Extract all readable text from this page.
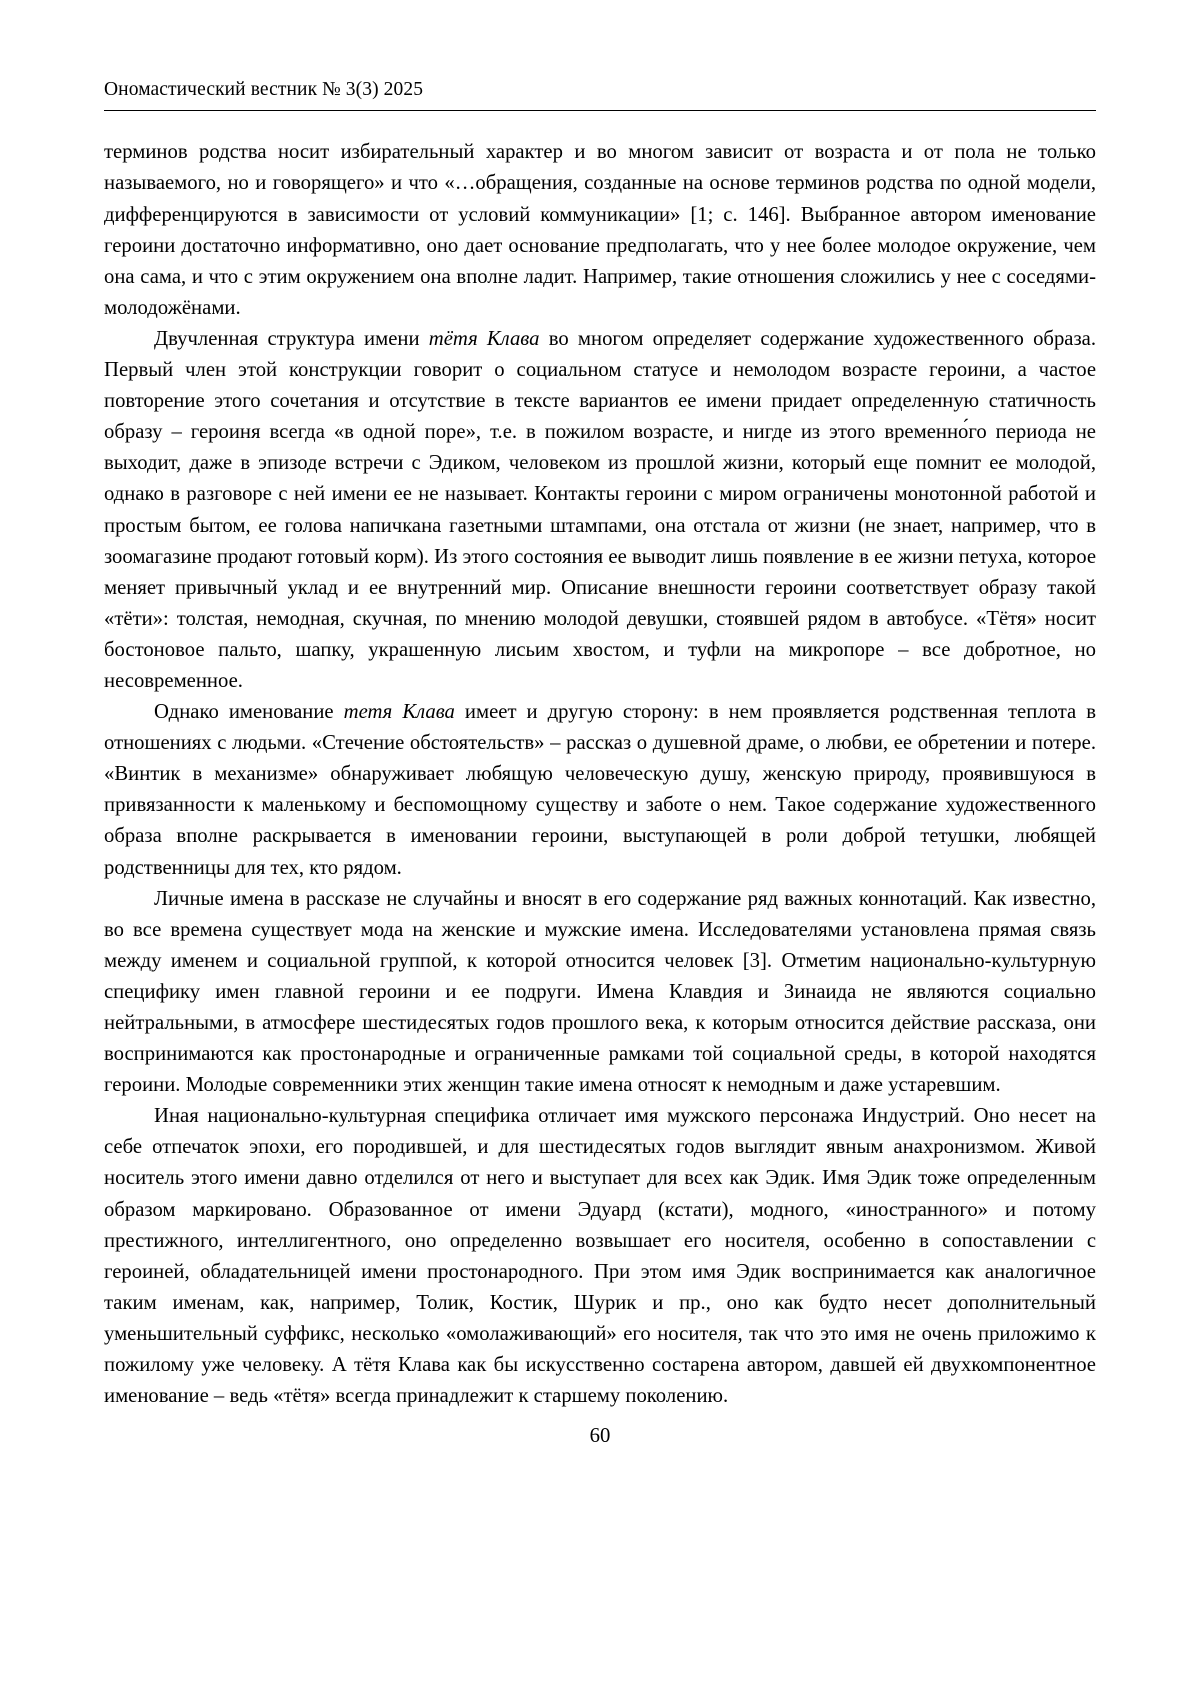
Ономастический вестник № 3(3) 2025

терминов родства носит избирательный характер и во многом зависит от возраста и от пола не только называемого, но и говорящего» и что «…обращения, созданные на основе терминов родства по одной модели, дифференцируются в зависимости от условий коммуникации» [1; с. 146]. Выбранное автором именование героини достаточно информативно, оно дает основание предполагать, что у нее более молодое окружение, чем она сама, и что с этим окружением она вполне ладит. Например, такие отношения сложились у нее с соседями-молодожёнами.

Двучленная структура имени тётя Клава во многом определяет содержание художественного образа. Первый член этой конструкции говорит о социальном статусе и немолодом возрасте героини, а частое повторение этого сочетания и отсутствие в тексте вариантов ее имени придает определенную статичность образу – героиня всегда «в одной поре», т.е. в пожилом возрасте, и нигде из этого временно́го периода не выходит, даже в эпизоде встречи с Эдиком, человеком из прошлой жизни, который еще помнит ее молодой, однако в разговоре с ней имени ее не называет. Контакты героини с миром ограничены монотонной работой и простым бытом, ее голова напичкана газетными штампами, она отстала от жизни (не знает, например, что в зоомагазине продают готовый корм). Из этого состояния ее выводит лишь появление в ее жизни петуха, которое меняет привычный уклад и ее внутренний мир. Описание внешности героини соответствует образу такой «тёти»: толстая, немодная, скучная, по мнению молодой девушки, стоявшей рядом в автобусе. «Тётя» носит бостоновое пальто, шапку, украшенную лисьим хвостом, и туфли на микропоре – все добротное, но несовременное.

Однако именование тетя Клава имеет и другую сторону: в нем проявляется родственная теплота в отношениях с людьми. «Стечение обстоятельств» – рассказ о душевной драме, о любви, ее обретении и потере. «Винтик в механизме» обнаруживает любящую человеческую душу, женскую природу, проявившуюся в привязанности к маленькому и беспомощному существу и заботе о нем. Такое содержание художественного образа вполне раскрывается в именовании героини, выступающей в роли доброй тетушки, любящей родственницы для тех, кто рядом.

Личные имена в рассказе не случайны и вносят в его содержание ряд важных коннотаций. Как известно, во все времена существует мода на женские и мужские имена. Исследователями установлена прямая связь между именем и социальной группой, к которой относится человек [3]. Отметим национально-культурную специфику имен главной героини и ее подруги. Имена Клавдия и Зинаида не являются социально нейтральными, в атмосфере шестидесятых годов прошлого века, к которым относится действие рассказа, они воспринимаются как простонародные и ограниченные рамками той социальной среды, в которой находятся героини. Молодые современники этих женщин такие имена относят к немодным и даже устаревшим.

Иная национально-культурная специфика отличает имя мужского персонажа Индустрий. Оно несет на себе отпечаток эпохи, его породившей, и для шестидесятых годов выглядит явным анахронизмом. Живой носитель этого имени давно отделился от него и выступает для всех как Эдик. Имя Эдик тоже определенным образом маркировано. Образованное от имени Эдуард (кстати), модного, «иностранного» и потому престижного, интеллигентного, оно определенно возвышает его носителя, особенно в сопоставлении с героиней, обладательницей имени простонародного. При этом имя Эдик воспринимается как аналогичное таким именам, как, например, Толик, Костик, Шурик и пр., оно как будто несет дополнительный уменьшительный суффикс, несколько «омолаживающий» его носителя, так что это имя не очень приложимо к пожилому уже человеку. А тётя Клава как бы искусственно состарена автором, давшей ей двухкомпонентное именование – ведь «тётя» всегда принадлежит к старшему поколению.

60
